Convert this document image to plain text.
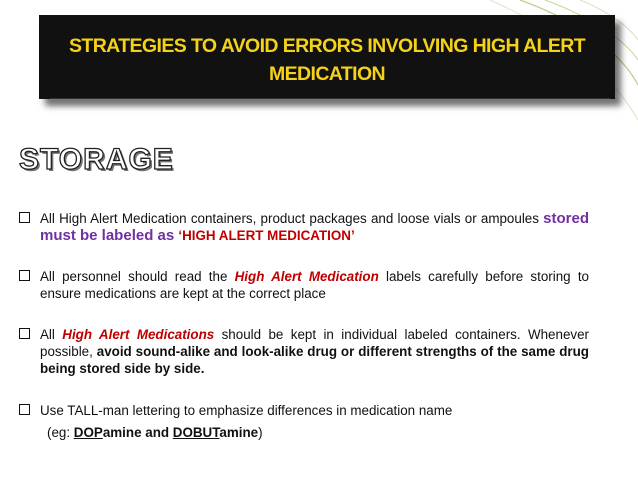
STRATEGIES TO AVOID ERRORS INVOLVING HIGH ALERT
MEDICATION
STORAGE
All High Alert Medication containers, product packages and loose vials or ampoules stored must be labeled as ‘HIGH ALERT MEDICATION’
All personnel should read the High Alert Medication labels carefully before storing to ensure medications are kept at the correct place
All High Alert Medications should be kept in individual labeled containers. Whenever possible, avoid sound-alike and look-alike drug or different strengths of the same drug being stored side by side.
Use TALL-man lettering to emphasize differences in medication name
(eg: DOPamine and DOBUTamine)
